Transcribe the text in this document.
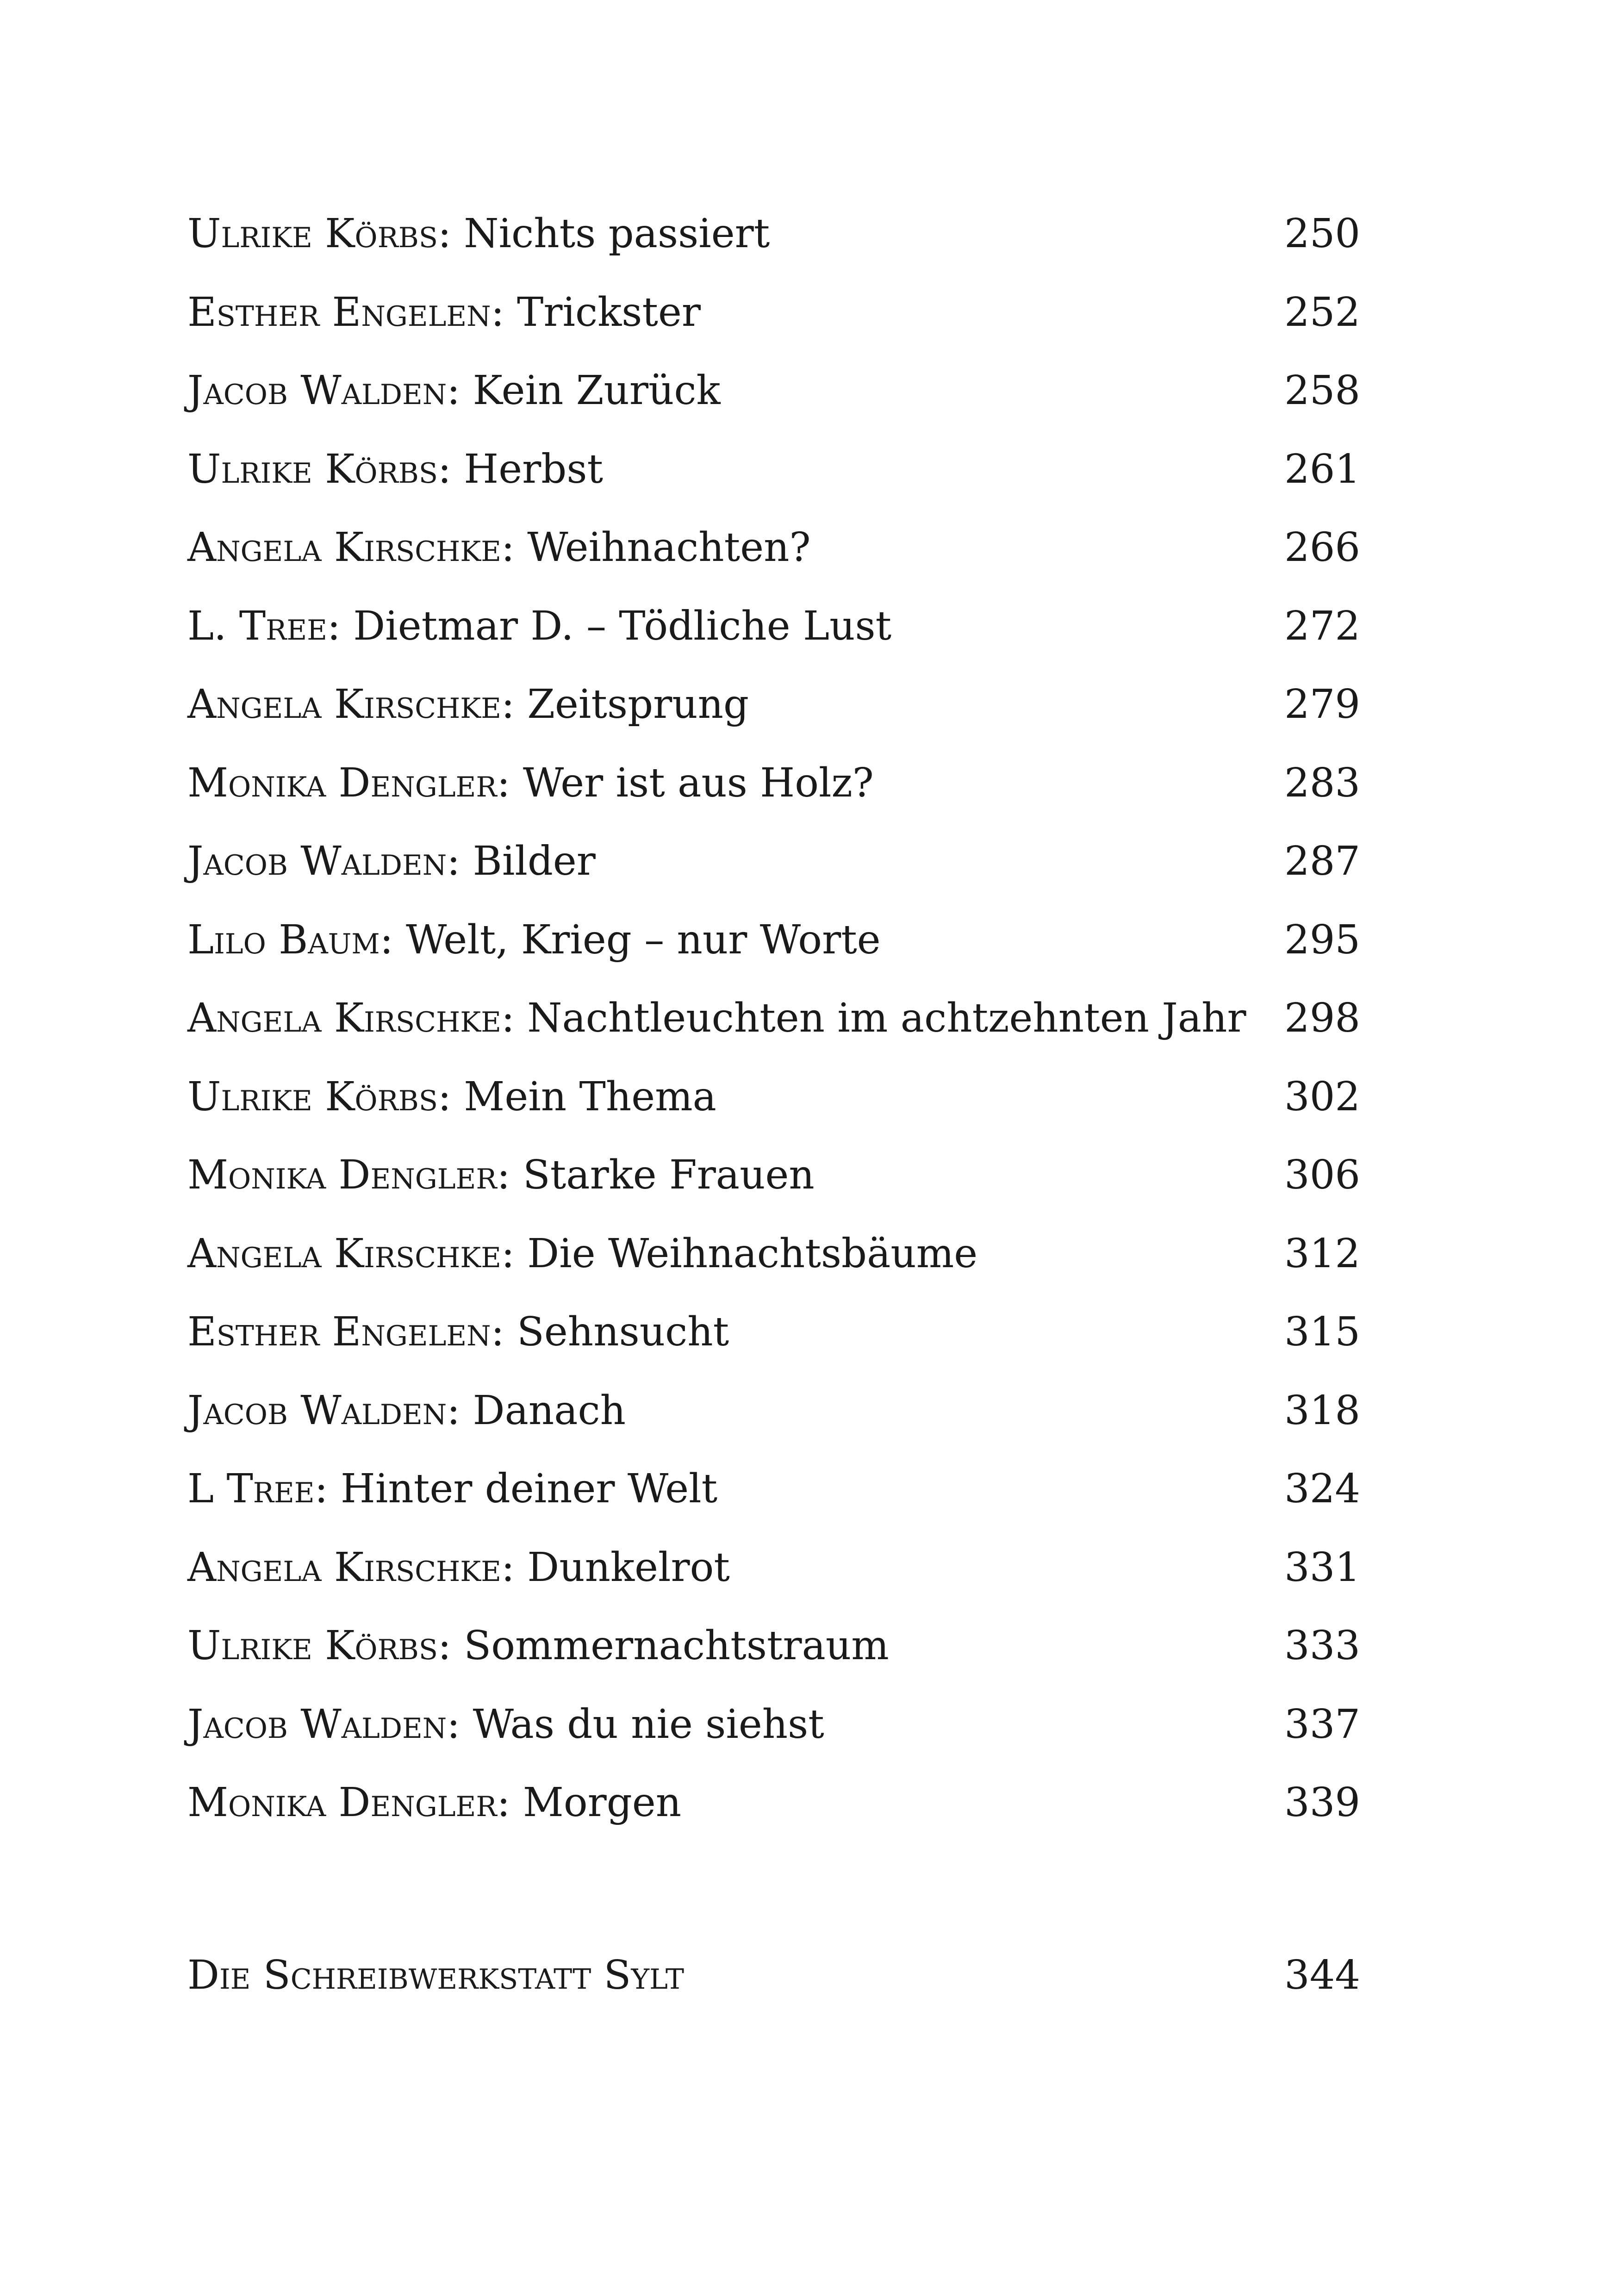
Ulrike Körbs: Nichts passiert	250
Esther Engelen: Trickster	252
Jacob Walden: Kein Zurück	258
Ulrike Körbs: Herbst	261
Angela Kirschke: Weihnachten?	266
L. Tree: Dietmar D. – Tödliche Lust	272
Angela Kirschke: Zeitsprung	279
Monika Dengler: Wer ist aus Holz?	283
Jacob Walden: Bilder	287
Lilo Baum: Welt, Krieg – nur Worte	295
Angela Kirschke: Nachtleuchten im achtzehnten Jahr 298
Ulrike Körbs: Mein Thema	302
Monika Dengler: Starke Frauen	306
Angela Kirschke: Die Weihnachtsbäume	312
Esther Engelen: Sehnsucht	315
Jacob Walden: Danach	318
L Tree: Hinter deiner Welt	324
Angela Kirschke: Dunkelrot	331
Ulrike Körbs: Sommernachtstraum	333
Jacob Walden: Was du nie siehst	337
Monika Dengler: Morgen	339
Die Schreibwerkstatt Sylt	344
